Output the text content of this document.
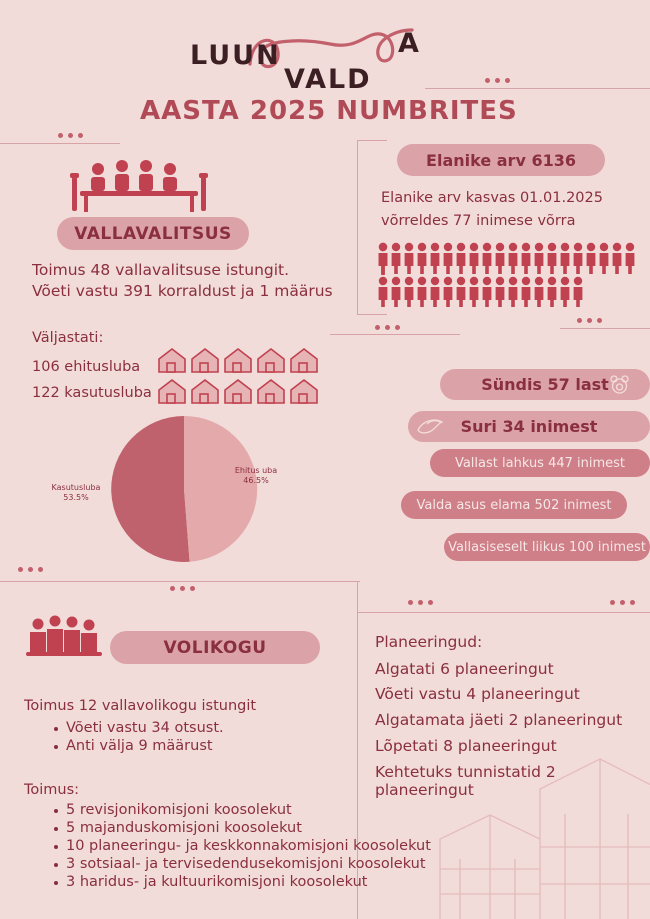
LUUN
VALD
A
AASTA 2025 NUMBRITES
VALLAVALITSUS
Toimus 48 vallavalitsuse istungit.
Võeti vastu 391 korraldust ja 1 määrus
Väljastati:
106 ehitusluba
122 kasutusluba
Kasutusluba
53.5%
Ehitus uba
46.5%
Elanike arv 6136
Elanike arv kasvas 01.01.2025
võrreldes 77 inimese võrra
Sündis 57 last
Suri 34 inimest
Vallast lahkus 447 inimest
Valda asus elama 502 inimest
Vallasiseselt liikus 100 inimest
VOLIKOGU
Toimus 12 vallavolikogu istungit
Võeti vastu 34 otsust.
Anti välja 9 määrust
Toimus:
5 revisjonikomisjoni koosolekut
5 majanduskomisjoni koosolekut
10 planeeringu- ja keskkonnakomisjoni koosolekut
3 sotsiaal- ja tervisedendusekomisjoni koosolekut
3 haridus- ja kultuurikomisjoni koosolekut
Planeeringud:
Algatati 6 planeeringut
Võeti vastu 4 planeeringut
Algatamata jäeti 2 planeeringut
Lõpetati 8 planeeringut
Kehtetuks tunnistatid 2 planeeringut
